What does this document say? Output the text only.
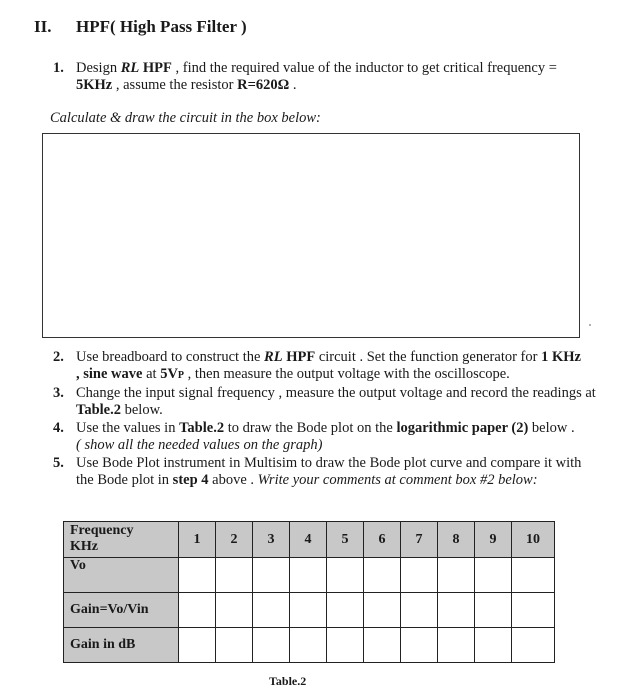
II. HPF( High Pass Filter )
1. Design RL HPF , find the required value of the inductor to get critical frequency =
5KHz , assume the resistor R=620Ω .
Calculate & draw the circuit in the box below:
2. Use breadboard to construct the RL HPF circuit . Set the function generator for 1 KHz
, sine wave at 5VP , then measure the output voltage with the oscilloscope.
3. Change the input signal frequency , measure the output voltage and record the readings at Table.2 below.
4. Use the values in Table.2 to draw the Bode plot on the logarithmic paper (2) below .
( show all the needed values on the graph)
5. Use Bode Plot instrument in Multisim to draw the Bode plot curve and compare it with the Bode plot in step 4 above . Write your comments at comment box #2 below:
Frequency
KHz	1	2	3	4	5	6	7	8	9	10
Vo										
Gain=Vo/Vin										
Gain in dB										
Table.2
